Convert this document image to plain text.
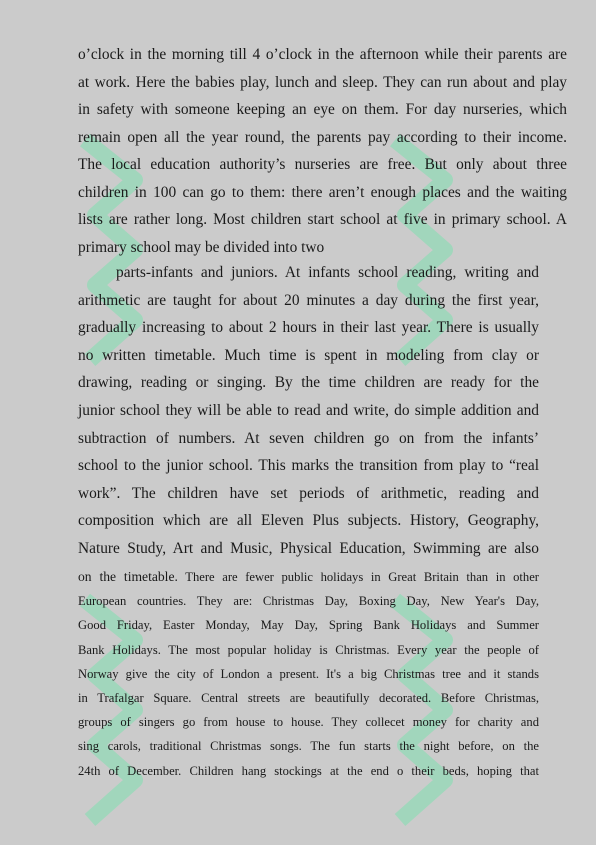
o’clock in the morning till 4 o’clock in the afternoon while their parents are
at work. Here the babies play, lunch and sleep. They can run about and play
in safety with someone keeping an eye on them. For day nurseries, which
remain open all the year round, the parents pay according to their income.
The local education authority’s nurseries are free. But only about three
children in 100 can go to them: there aren’t enough places and the waiting
lists are rather long. Most children start school at five in primary school. A
primary school may be divided into two
parts-infants and juniors. At infants school reading, writing and
arithmetic are taught for about 20 minutes a day during the first year,
gradually increasing to about 2 hours in their last year. There is usually
no written timetable. Much time is spent in modeling from clay or
drawing, reading or singing. By the time children are ready for the
junior school they will be able to read and write, do simple addition and
subtraction of numbers. At seven children go on from the infants’
school to the junior school. This marks the transition from play to “real
work”. The children have set periods of arithmetic, reading and
composition which are all Eleven Plus subjects. History, Geography,
Nature Study, Art and Music, Physical Education, Swimming are also
on the timetable. There are fewer public holidays in Great Britain than in other
European countries. They are: Christmas Day, Boxing Day, New Year's Day,
Good Friday, Easter Monday, May Day, Spring Bank Holidays and Summer
Bank Holidays. The most popular holiday is Christmas. Every year the people of
Norway give the city of London a present. It's a big Christmas tree and it stands
in Trafalgar Square. Central streets are beautifully decorated. Before Christmas,
groups of singers go from house to house. They collecet money for charity and
sing carols, traditional Christmas songs. The fun starts the night before, on the
24th of December. Children hang stockings at the end o their beds, hoping that
